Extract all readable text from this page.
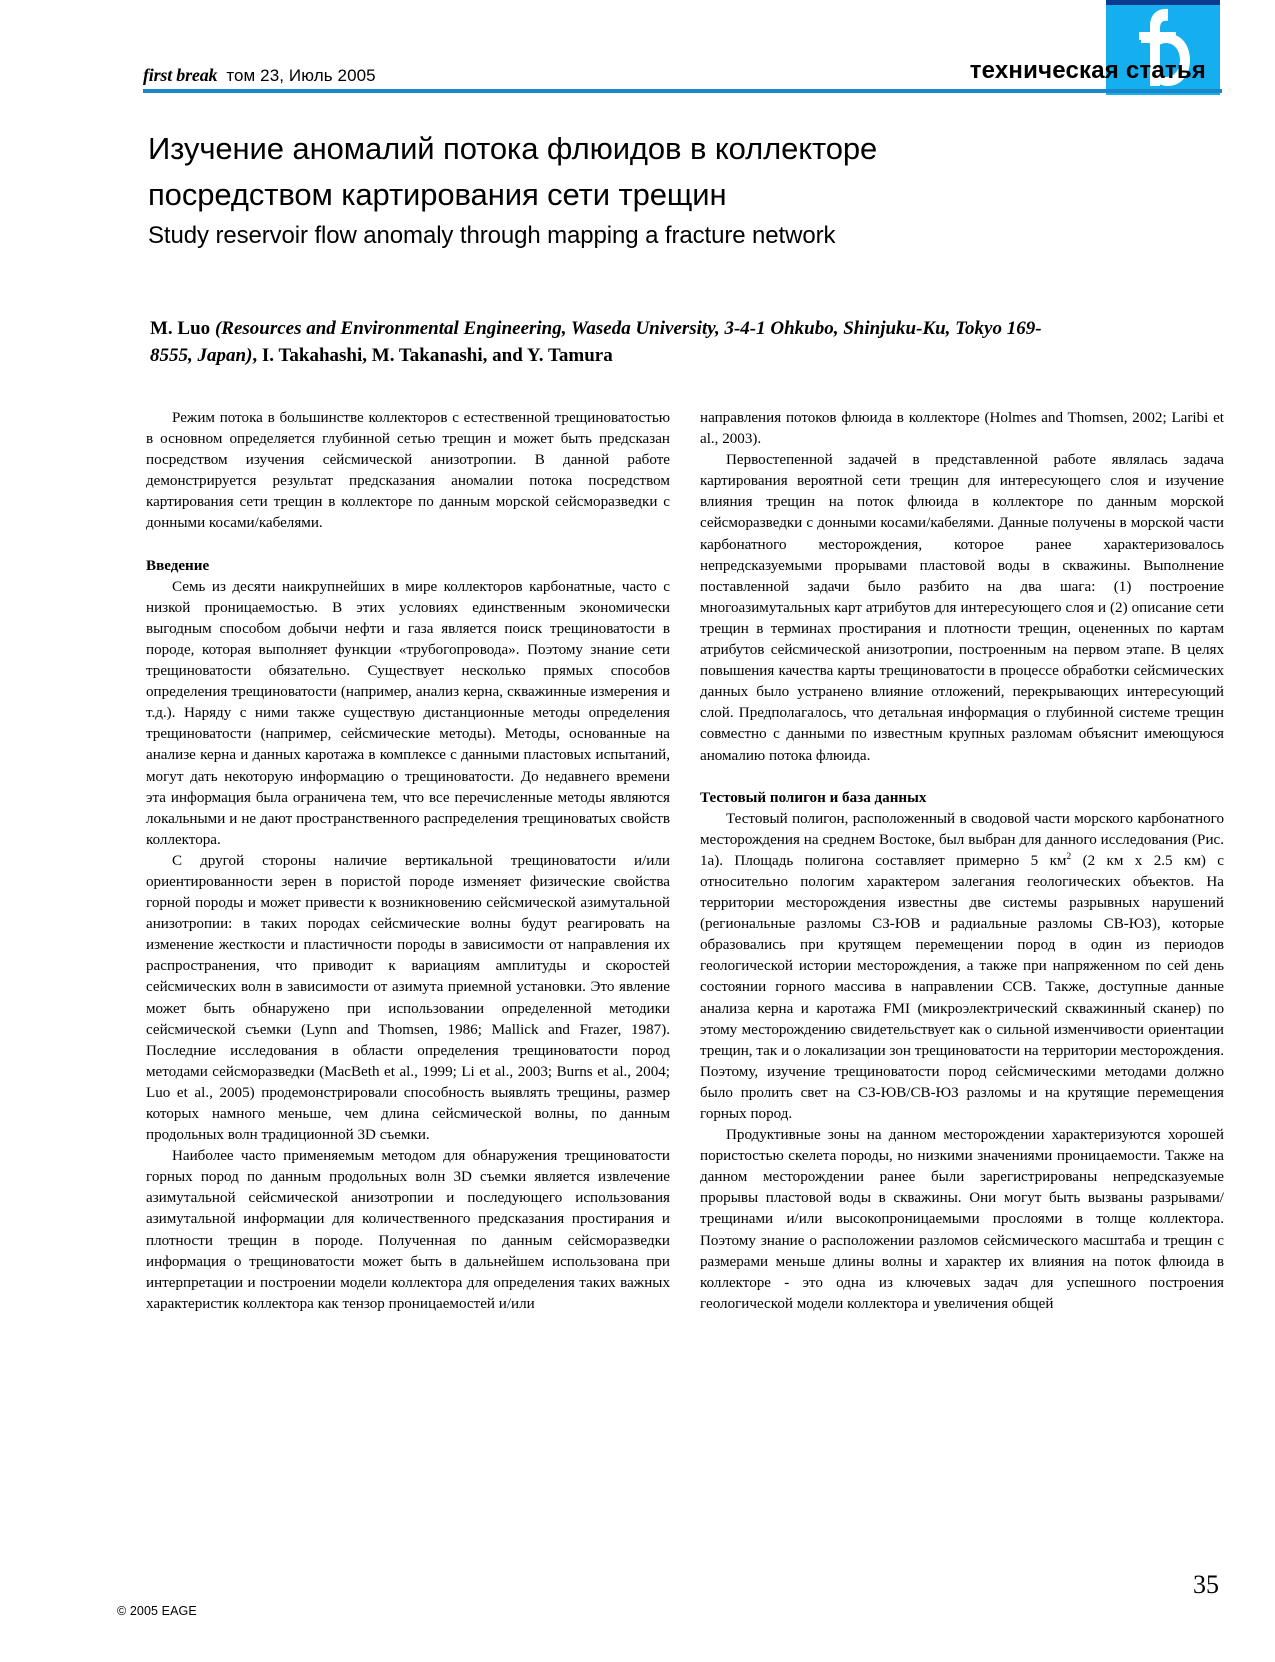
first break том 23, Июль 2005	техническая статья
Изучение аномалий потока флюидов в коллекторе
посредством картирования сети трещин
Study reservoir flow anomaly through mapping a fracture network
M. Luo (Resources and Environmental Engineering, Waseda University, 3-4-1 Ohkubo, Shinjuku-Ku, Tokyo 169-8555, Japan), I. Takahashi, M. Takanashi, and Y. Tamura

Режим потока в большинстве коллекторов с естественной трещиноватостью в основном определяется глубинной сетью трещин и может быть предсказан посредством изучения сейсмической анизотропии. В данной работе демонстрируется результат предсказания аномалии потока посредством картирования сети трещин в коллекторе по данным морской сейсморазведки с донными косами/кабелями.

Введение

Семь из десяти наикрупнейших в мире коллекторов карбонатные, часто с низкой проницаемостью. В этих условиях единственным экономически выгодным способом добычи нефти и газа является поиск трещиноватости в породе, которая выполняет функции «трубогопровода». Поэтому знание сети трещиноватости обязательно. Существует несколько прямых способов определения трещиноватости (например, анализ керна, скважинные измерения и т.д.). Наряду с ними также существую дистанционные методы определения трещиноватости (например, сейсмические методы). Методы, основанные на анализе керна и данных каротажа в комплексе с данными пластовых испытаний, могут дать некоторую информацию о трещиноватости. До недавнего времени эта информация была ограничена тем, что все перечисленные методы являются локальными и не дают пространственного распределения трещиноватых свойств коллектора.

С другой стороны наличие вертикальной трещиноватости и/или ориентированности зерен в пористой породе изменяет физические свойства горной породы и может привести к возникновению сейсмической азимутальной анизотропии: в таких породах сейсмические волны будут реагировать на изменение жесткости и пластичности породы в зависимости от направления их распространения, что приводит к вариациям амплитуды и скоростей сейсмических волн в зависимости от азимута приемной установки. Это явление может быть обнаружено при использовании определенной методики сейсмической съемки (Lynn and Thomsen, 1986; Mallick and Frazer, 1987). Последние исследования в области определения трещиноватости пород методами сейсморазведки (MacBeth et al., 1999; Li et al., 2003; Burns et al., 2004; Luo et al., 2005) продемонстрировали способность выявлять трещины, размер которых намного меньше, чем длина сейсмической волны, по данным продольных волн традиционной 3D съемки.

Наиболее часто применяемым методом для обнаружения трещиноватости горных пород по данным продольных волн 3D съемки является извлечение азимутальной сейсмической анизотропии и последующего использования азимутальной информации для количественного предсказания простирания и плотности трещин в породе. Полученная по данным сейсморазведки информация о трещиноватости может быть в дальнейшем использована при интерпретации и построении модели коллектора для определения таких важных характеристик коллектора как тензор проницаемостей и/или

направления потоков флюида в коллекторе (Holmes and Thomsen, 2002; Laribi et al., 2003).

Первостепенной задачей в представленной работе являлась задача картирования вероятной сети трещин для интересующего слоя и изучение влияния трещин на поток флюида в коллекторе по данным морской сейсморазведки с донными косами/кабелями. Данные получены в морской части карбонатного месторождения, которое ранее характеризовалось непредсказуемыми прорывами пластовой воды в скважины. Выполнение поставленной задачи было разбито на два шага: (1) построение многоазимутальных карт атрибутов для интересующего слоя и (2) описание сети трещин в терминах простирания и плотности трещин, оцененных по картам атрибутов сейсмической анизотропии, построенным на первом этапе. В целях повышения качества карты трещиноватости в процессе обработки сейсмических данных было устранено влияние отложений, перекрывающих интересующий слой. Предполагалось, что детальная информация о глубинной системе трещин совместно с данными по известным крупных разломам объяснит имеющуюся аномалию потока флюида.

Тестовый полигон и база данных

Тестовый полигон, расположенный в сводовой части морского карбонатного месторождения на среднем Востоке, был выбран для данного исследования (Рис. 1a). Площадь полигона составляет примерно 5 $км^2$ (2 км x 2.5 км) с относительно пологим характером залегания геологических объектов. На территории месторождения известны две системы разрывных нарушений (региональные разломы СЗ-ЮВ и радиальные разломы СВ-ЮЗ), которые образовались при крутящем перемещении пород в один из периодов геологической истории месторождения, а также при напряженном по сей день состоянии горного массива в направлении ССВ. Также, доступные данные анализа керна и каротажа FMI (микроэлектрический скважинный сканер) по этому месторождению свидетельствует как о сильной изменчивости ориентации трещин, так и о локализации зон трещиноватости на территории месторождения. Поэтому, изучение трещиноватости пород сейсмическими методами должно было пролить свет на СЗ-ЮВ/СВ-ЮЗ разломы и на крутящие перемещения горных пород.

Продуктивные зоны на данном месторождении характеризуются хорошей пористостью скелета породы, но низкими значениями проницаемости. Также на данном месторождении ранее были зарегистрированы непредсказуемые прорывы пластовой воды в скважины. Они могут быть вызваны разрывами/трещинами и/или высокопроницаемыми прослоями в толще коллектора. Поэтому знание о расположении разломов сейсмического масштаба и трещин с размерами меньше длины волны и характер их влияния на поток флюида в коллекторе - это одна из ключевых задач для успешного построения геологической модели коллектора и увеличения общей

35
© 2005 EAGE
